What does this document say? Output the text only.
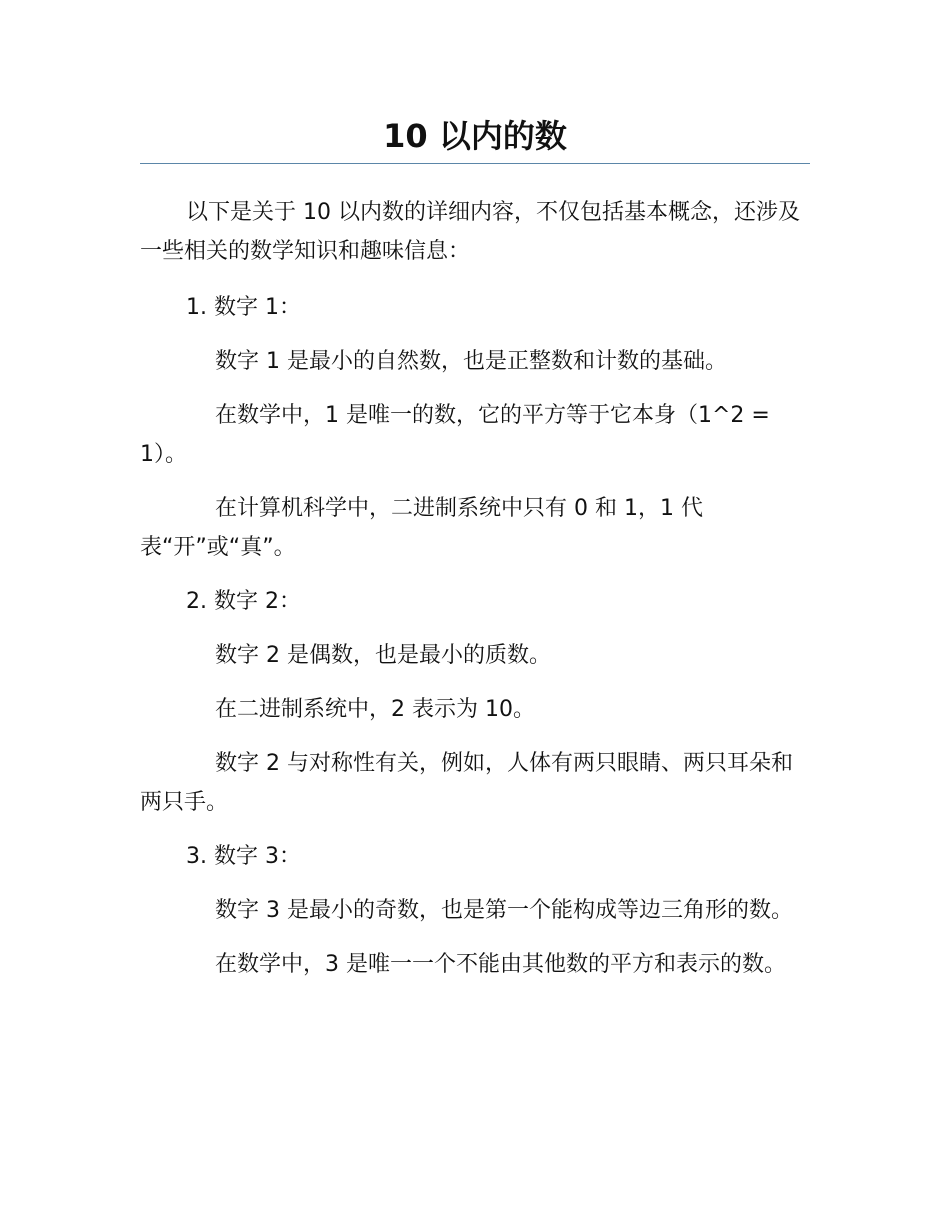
10 以内的数

以下是关于 10 以内数的详细内容，不仅包括基本概念，还涉及一些相关的数学知识和趣味信息：

1. 数字 1：

数字 1 是最小的自然数，也是正整数和计数的基础。

在数学中，1 是唯一的数，它的平方等于它本身（1^2 = 1）。

在计算机科学中，二进制系统中只有 0 和 1，1 代表“开”或“真”。

2. 数字 2：

数字 2 是偶数，也是最小的质数。

在二进制系统中，2 表示为 10。

数字 2 与对称性有关，例如，人体有两只眼睛、两只耳朵和两只手。

3. 数字 3：

数字 3 是最小的奇数，也是第一个能构成等边三角形的数。

在数学中，3 是唯一一个不能由其他数的平方和表示的数。
